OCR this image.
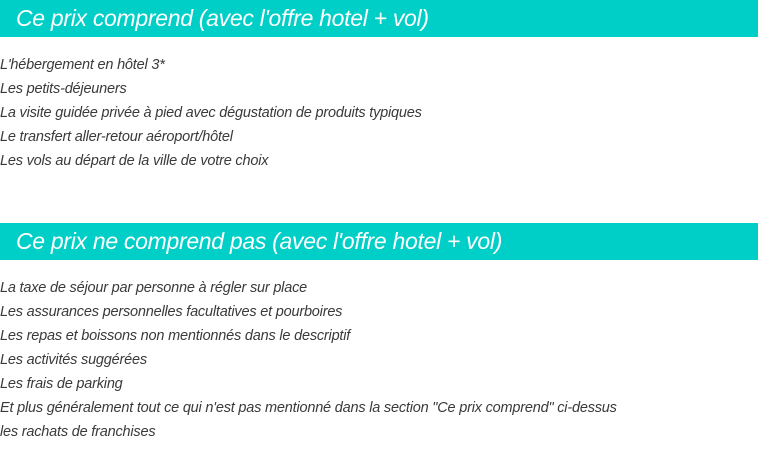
Ce prix comprend (avec l'offre hotel + vol)
L'hébergement en hôtel 3*
Les petits-déjeuners
La visite guidée privée à pied avec dégustation de produits typiques
Le transfert aller-retour aéroport/hôtel
Les vols au départ de la ville de votre choix
Ce prix ne comprend pas (avec l'offre hotel + vol)
La taxe de séjour par personne à régler sur place
Les assurances personnelles facultatives et pourboires
Les repas et boissons non mentionnés dans le descriptif
Les activités suggérées
Les frais de parking
Et plus généralement tout ce qui n'est pas mentionné dans la section "Ce prix comprend" ci-dessus
les rachats de franchises
